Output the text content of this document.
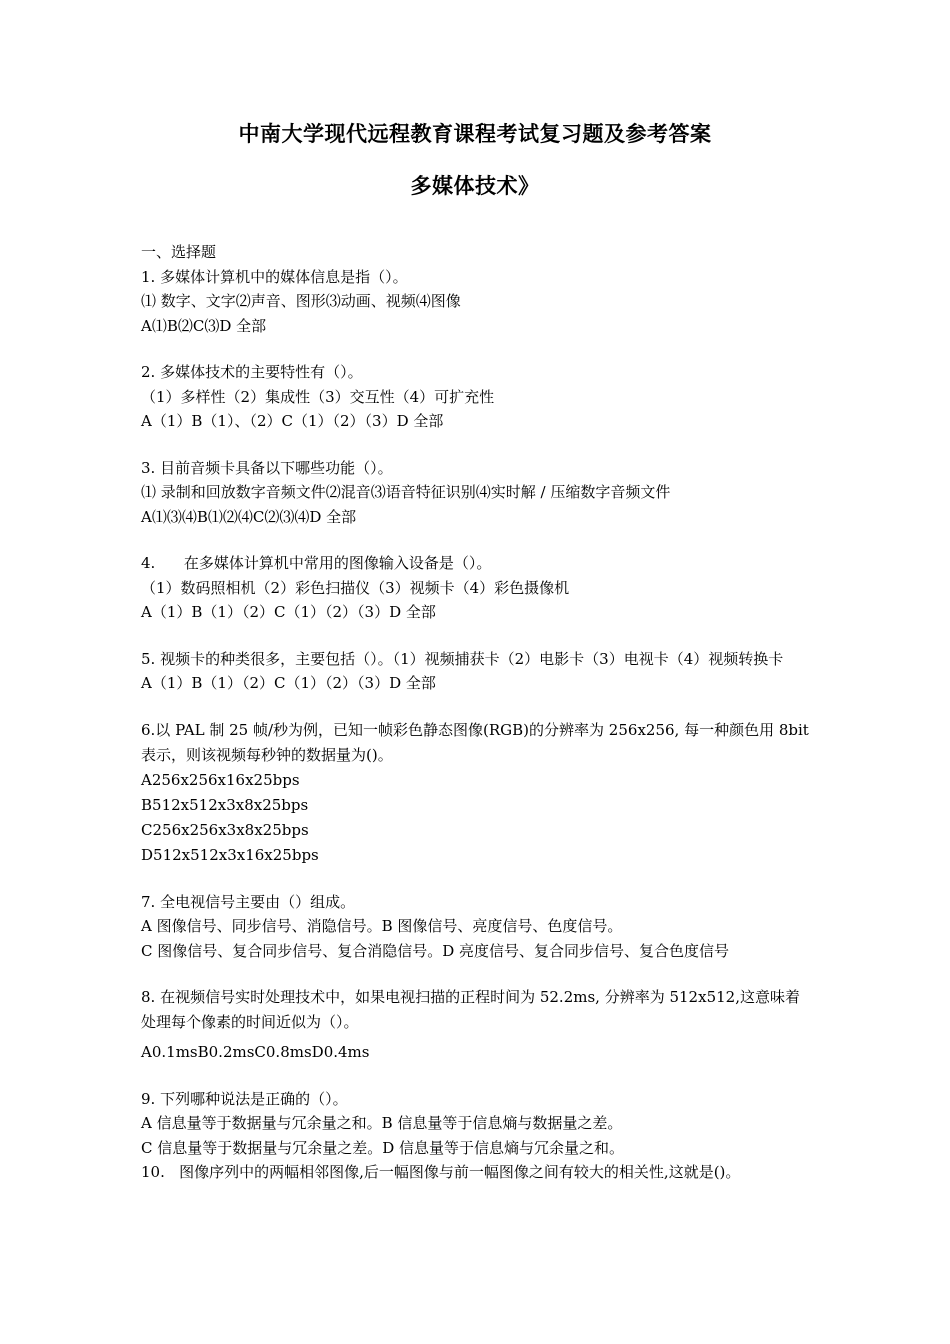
中南大学现代远程教育课程考试复习题及参考答案
多媒体技术》

一、选择题

1. 多媒体计算机中的媒体信息是指（）。

⑴ 数字、文字⑵声音、图形⑶动画、视频⑷图像

A⑴B⑵C⑶D 全部

2. 多媒体技术的主要特性有（）。

（1）多样性（2）集成性（3）交互性（4）可扩充性

A（1）B（1）、（2）C（1）（2）（3）D 全部

3. 目前音频卡具备以下哪些功能（）。

⑴ 录制和回放数字音频文件⑵混音⑶语音特征识别⑷实时解 / 压缩数字音频文件

A⑴⑶⑷B⑴⑵⑷C⑵⑶⑷D 全部

4.      在多媒体计算机中常用的图像输入设备是（）。

（1）数码照相机（2）彩色扫描仪（3）视频卡（4）彩色摄像机

A（1）B（1）（2）C（1）（2）（3）D 全部

5. 视频卡的种类很多，主要包括（）。（1）视频捕获卡（2）电影卡（3）电视卡（4）视频转换卡

A（1）B（1）（2）C（1）（2）（3）D 全部

6.以 PAL 制 25 帧/秒为例，已知一帧彩色静态图像(RGB)的分辨率为 256x256, 每一种颜色用 8bit 表示，则该视频每秒钟的数据量为()。

A256x256x16x25bps

B512x512x3x8x25bps

C256x256x3x8x25bps

D512x512x3x16x25bps

7. 全电视信号主要由（）组成。

A 图像信号、同步信号、消隐信号。B 图像信号、亮度信号、色度信号。

C 图像信号、复合同步信号、复合消隐信号。D 亮度信号、复合同步信号、复合色度信号

8. 在视频信号实时处理技术中，如果电视扫描的正程时间为 52.2ms, 分辨率为 512x512,这意味着处理每个像素的时间近似为（）。

A0.1msB0.2msC0.8msD0.4ms

9. 下列哪种说法是正确的（）。

A 信息量等于数据量与冗余量之和。B 信息量等于信息熵与数据量之差。

C 信息量等于数据量与冗余量之差。D 信息量等于信息熵与冗余量之和。

10.   图像序列中的两幅相邻图像,后一幅图像与前一幅图像之间有较大的相关性,这就是()。
